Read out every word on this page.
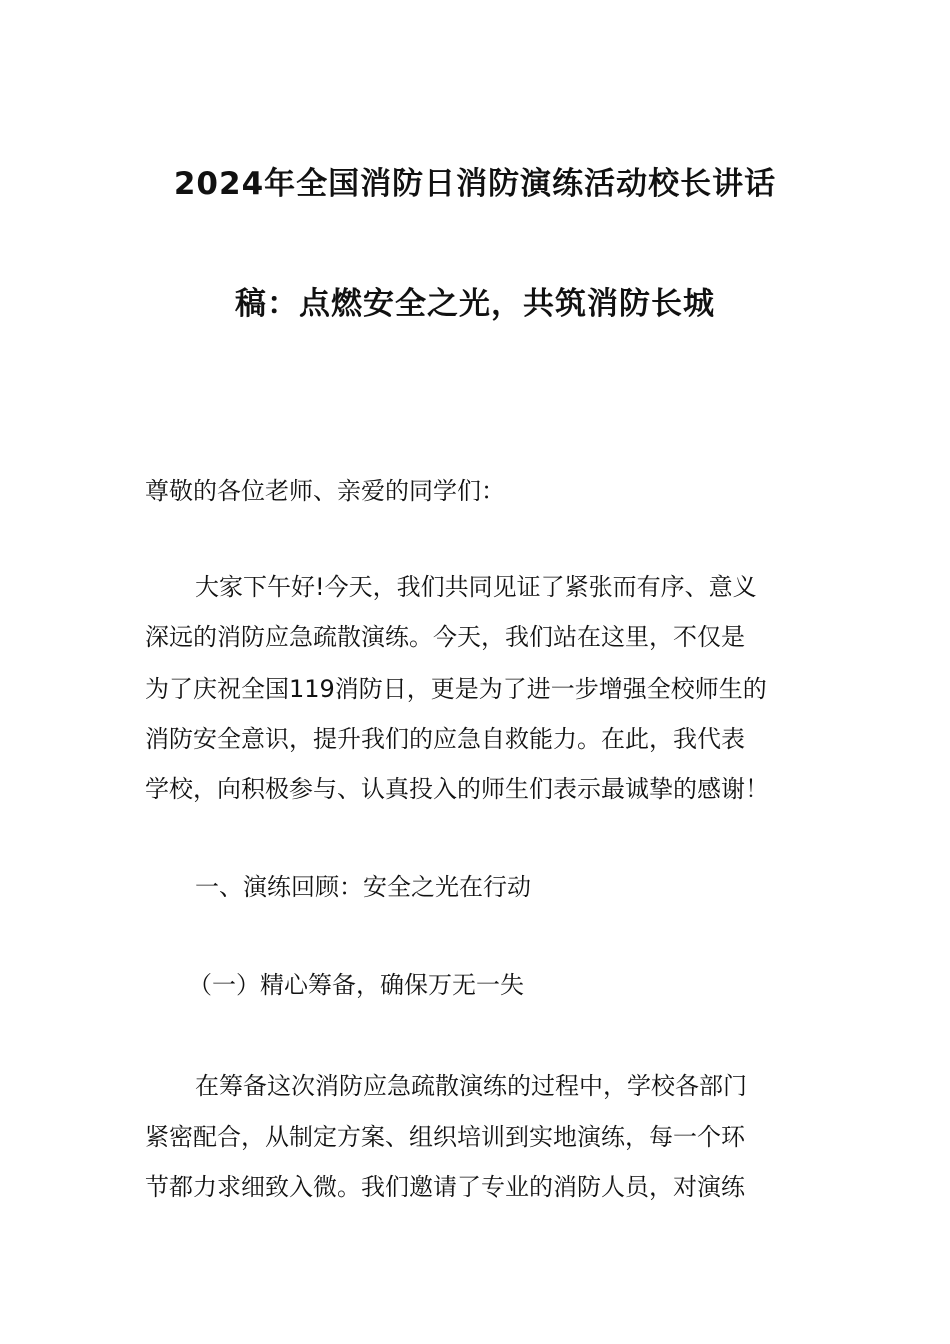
2024年全国消防日消防演练活动校长讲话
稿：点燃安全之光，共筑消防长城

尊敬的各位老师、亲爱的同学们：

大家下午好!今天，我们共同见证了紧张而有序、意义

深远的消防应急疏散演练。今天，我们站在这里，不仅是

为了庆祝全国119消防日，更是为了进一步增强全校师生的

消防安全意识，提升我们的应急自救能力。在此，我代表

学校，向积极参与、认真投入的师生们表示最诚挚的感谢！

一、演练回顾：安全之光在行动

（一）精心筹备，确保万无一失

在筹备这次消防应急疏散演练的过程中，学校各部门

紧密配合，从制定方案、组织培训到实地演练，每一个环

节都力求细致入微。我们邀请了专业的消防人员，对演练
